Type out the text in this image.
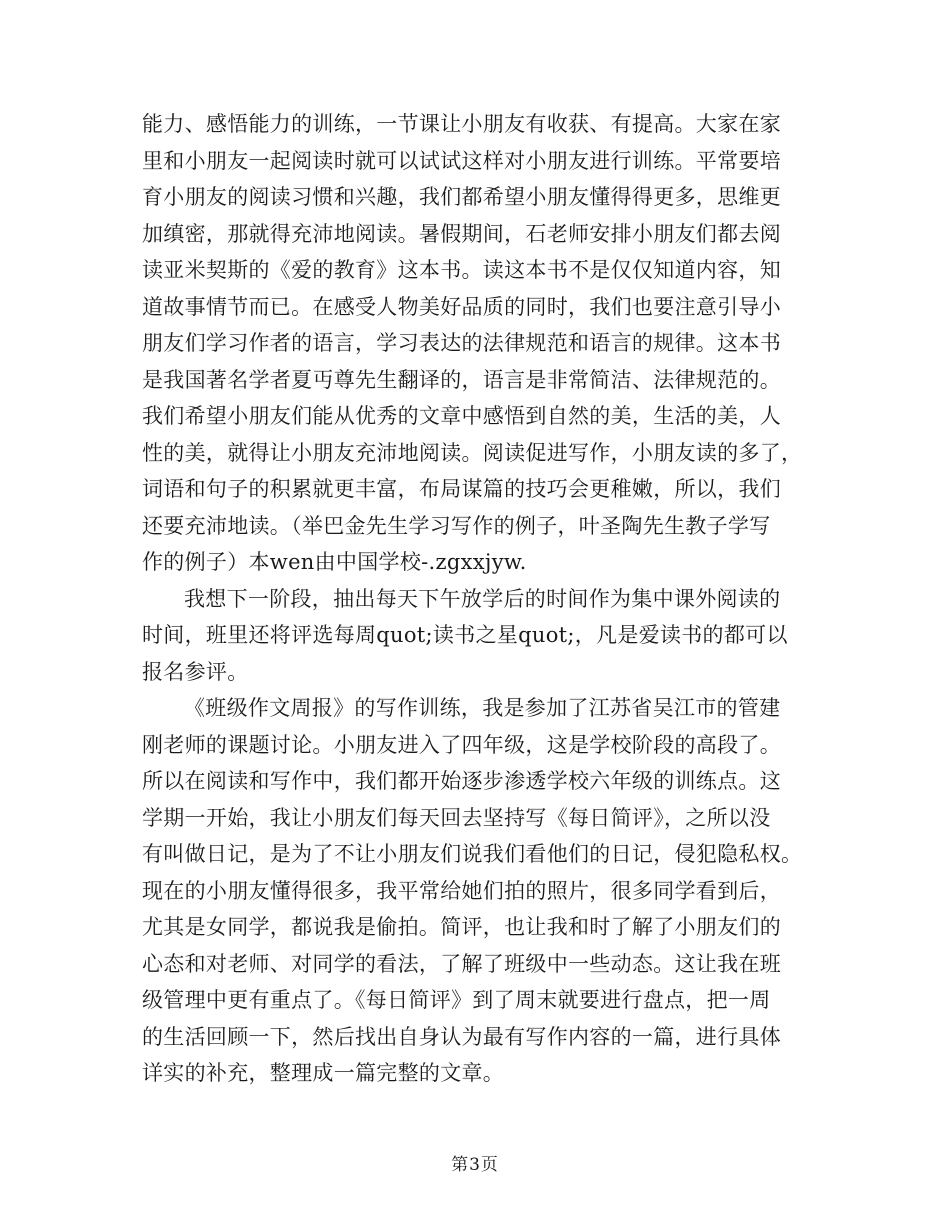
能力、感悟能力的训练，一节课让小朋友有收获、有提高。大家在家
里和小朋友一起阅读时就可以试试这样对小朋友进行训练。平常要培
育小朋友的阅读习惯和兴趣，我们都希望小朋友懂得得更多，思维更
加缜密，那就得充沛地阅读。暑假期间，石老师安排小朋友们都去阅
读亚米契斯的《爱的教育》这本书。读这本书不是仅仅知道内容，知
道故事情节而已。在感受人物美好品质的同时，我们也要注意引导小
朋友们学习作者的语言，学习表达的法律规范和语言的规律。这本书
是我国著名学者夏丏尊先生翻译的，语言是非常简洁、法律规范的。
我们希望小朋友们能从优秀的文章中感悟到自然的美，生活的美，人
性的美，就得让小朋友充沛地阅读。阅读促进写作，小朋友读的多了，
词语和句子的积累就更丰富，布局谋篇的技巧会更稚嫩，所以，我们
还要充沛地读。（举巴金先生学习写作的例子，叶圣陶先生教子学写
作的例子）本wen由中国学校-.zgxxjyw.
我想下一阶段，抽出每天下午放学后的时间作为集中课外阅读的
时间，班里还将评选每周quot;读书之星quot;，凡是爱读书的都可以
报名参评。
《班级作文周报》的写作训练，我是参加了江苏省吴江市的管建
刚老师的课题讨论。小朋友进入了四年级，这是学校阶段的高段了。
所以在阅读和写作中，我们都开始逐步渗透学校六年级的训练点。这
学期一开始，我让小朋友们每天回去坚持写《每日简评》，之所以没
有叫做日记，是为了不让小朋友们说我们看他们的日记，侵犯隐私权。
现在的小朋友懂得很多，我平常给她们拍的照片，很多同学看到后，
尤其是女同学，都说我是偷拍。简评，也让我和时了解了小朋友们的
心态和对老师、对同学的看法，了解了班级中一些动态。这让我在班
级管理中更有重点了。《每日简评》到了周末就要进行盘点，把一周
的生活回顾一下，然后找出自身认为最有写作内容的一篇，进行具体
详实的补充，整理成一篇完整的文章。
第3页
